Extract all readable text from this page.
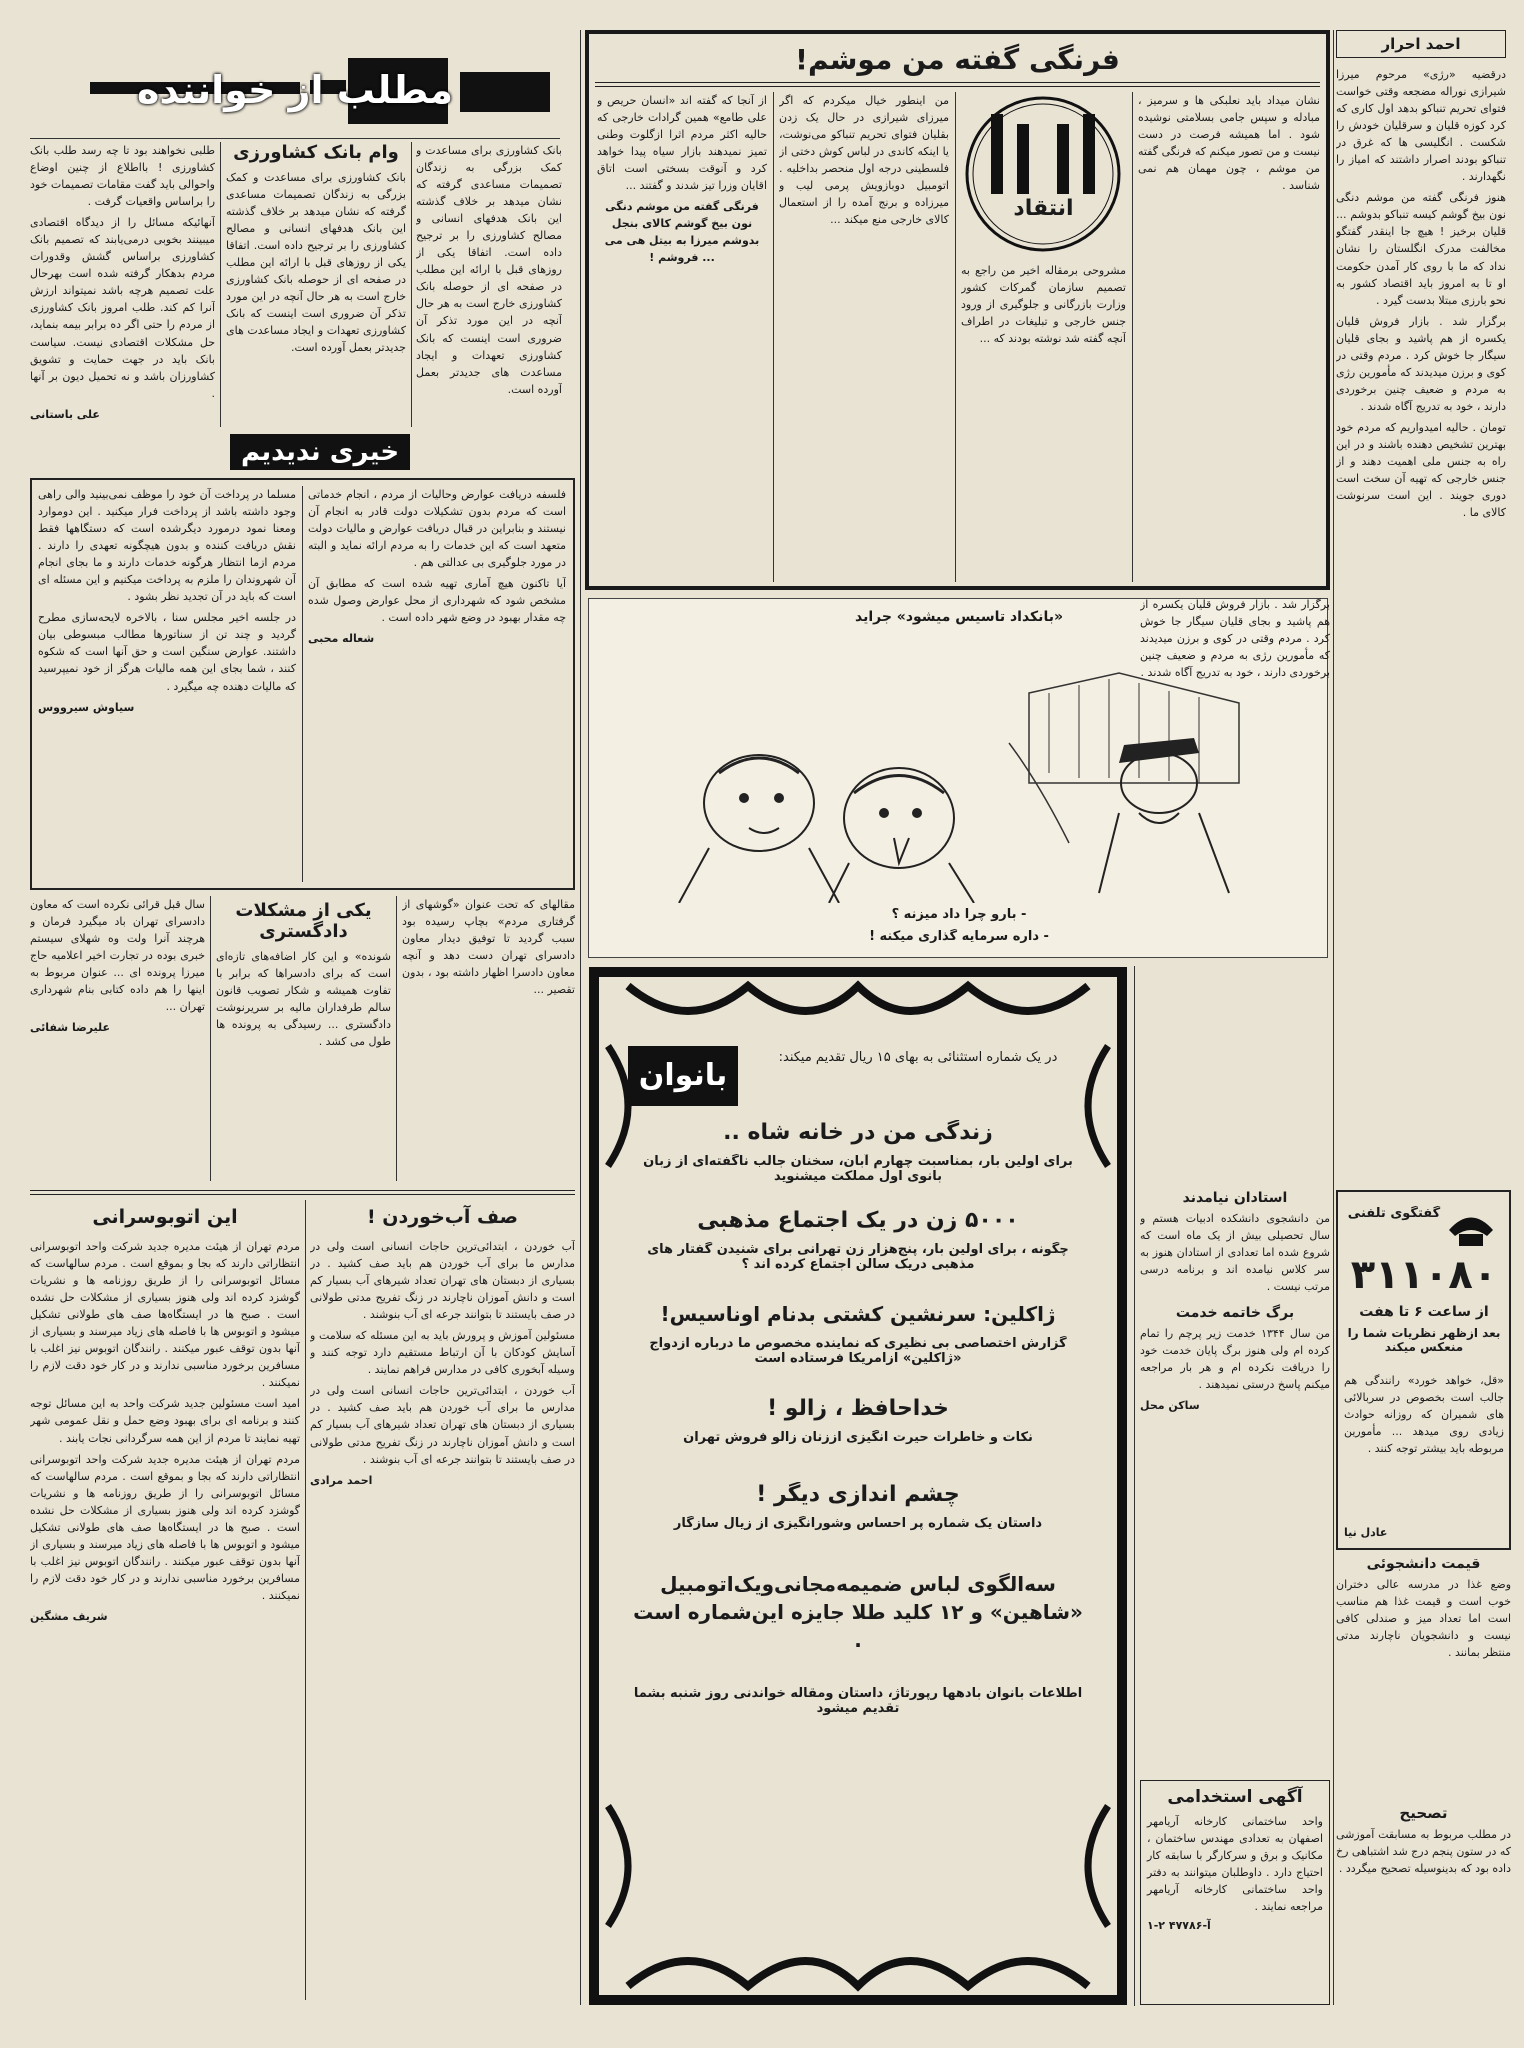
مطلب از خواننده

طلبی نخواهند بود تا چه رسد طلب بانک کشاورزی ! بااطلاع از چنین اوضاع واحوالی باید گفت مقامات تصمیمات خود را براساس واقعیات گرفت .

آنهائیکه مسائل را از دیدگاه اقتصادی میبینند بخوبی درمی‌یابند که تصمیم بانک کشاورزی براساس گشش وقدورات مردم بدهکار گرفته شده است بهرحال علت تصمیم هرچه باشد نمیتواند ارزش آنرا کم کند. طلب امروز بانک کشاورزی از مردم را حتی اگر ده برابر بیمه بنماید، حل مشکلات اقتصادی نیست. سیاست بانک باید در جهت حمایت و تشویق کشاورزان باشد و نه تحمیل دیون بر آنها .

علی باستانی
وام بانک کشاورزی
بانک کشاورزی برای مساعدت و کمک بزرگی به زندگان تصمیمات مساعدی گرفته که نشان میدهد بر خلاف گذشته این بانک هدفهای انسانی و مصالح کشاورزی را بر ترجیح داده است. اتفاقا یکی از روزهای قبل با ارائه این مطلب در صفحه ای از حوصله بانک کشاورزی خارج است به هر حال آنچه در این مورد تذکر آن ضروری است اینست که بانک کشاورزی تعهدات و ایجاد مساعدت های جدیدتر بعمل آورده است.
بانک کشاورزی برای مساعدت و کمک بزرگی به زندگان تصمیمات مساعدی گرفته که نشان میدهد بر خلاف گذشته این بانک هدفهای انسانی و مصالح کشاورزی را بر ترجیح داده است. اتفاقا یکی از روزهای قبل با ارائه این مطلب در صفحه ای از حوصله بانک کشاورزی خارج است به هر حال آنچه در این مورد تذکر آن ضروری است اینست که بانک کشاورزی تعهدات و ایجاد مساعدت های جدیدتر بعمل آورده است.
خیری ندیدیم

مسلما در پرداخت آن خود را موظف نمی‌بینید والی راهی وجود داشته باشد از پرداخت فرار میکنید . این دوموارد ومعنا نمود درمورد دیگرشده است که دستگاهها فقط نقش دریافت کننده و بدون هیچگونه تعهدی را دارند . مردم ازما انتظار هرگونه خدمات دارند و ما بجای انجام آن شهروندان را ملزم به پرداخت میکنیم و این مسئله ای است که باید در آن تجدید نظر بشود .

در جلسه اخیر مجلس سنا ، بالاخره لایحه‌سازی مطرح گردید و چند تن از سناتورها مطالب مبسوطی بیان داشتند. عوارض سنگین است و حق آنها است که شکوه کنند ، شما بجای این همه مالیات هرگز از خود نمیپرسید که مالیات دهنده چه میگیرد .

سیاوش سیرووس

فلسفه دریافت عوارض وحالیات از مردم ، انجام خدماتی است که مردم بدون تشکیلات دولت قادر به انجام آن نیستند و بنابراین در قبال دریافت عوارض و مالیات دولت متعهد است که این خدمات را به مردم ارائه نماید و البته در مورد جلوگیری بی عدالتی هم .

آیا تاکنون هیچ آماری تهیه شده است که مطابق آن مشخص شود که شهرداری از محل عوارض وصول شده چه مقدار بهبود در وضع شهر داده است .

شعاله محبی

سال قبل قرائی نکرده است که معاون دادسرای تهران باد میگیرد فرمان و هرچند آنرا ولت وه شهلای سیستم خبری بوده در تجارت اخیر اعلامیه حاج میرزا پرونده ای ... عنوان مربوط به اینها را هم داده کتابی بنام شهرداری تهران ...

علیرضا شفائی
یکی از مشکلات دادگستری
شونده» و این کار اضافه‌های تازه‌ای است که برای دادسراها که برابر با تفاوت همیشه و شکار تصویب قانون سالم طرفداران مالیه بر سریرنوشت دادگستری ... رسیدگی به پرونده ها طول می کشد .

مقالهای که تحت عنوان «گوشهای از گرفتاری مردم» بچاپ رسیده بود سبب گردید تا توفیق دیدار معاون دادسرای تهران دست دهد و آنچه معاون دادسرا اظهار داشته بود ، بدون تقصیر ...

این اتوبوسرانی

مردم تهران از هیئت مدیره جدید شرکت واحد اتوبوسرانی انتظاراتی دارند که بجا و بموقع است . مردم سالهاست که مسائل اتوبوسرانی را از طریق روزنامه ها و نشریات گوشزد کرده اند ولی هنوز بسیاری از مشکلات حل نشده است . صبح ها در ایستگاه‌ها صف های طولانی تشکیل میشود و اتوبوس ها با فاصله های زیاد میرسند و بسیاری از آنها بدون توقف عبور میکنند . رانندگان اتوبوس نیز اغلب با مسافرین برخورد مناسبی ندارند و در کار خود دقت لازم را نمیکنند .

امید است مسئولین جدید شرکت واحد به این مسائل توجه کنند و برنامه ای برای بهبود وضع حمل و نقل عمومی شهر تهیه نمایند تا مردم از این همه سرگردانی نجات یابند .

مردم تهران از هیئت مدیره جدید شرکت واحد اتوبوسرانی انتظاراتی دارند که بجا و بموقع است . مردم سالهاست که مسائل اتوبوسرانی را از طریق روزنامه ها و نشریات گوشزد کرده اند ولی هنوز بسیاری از مشکلات حل نشده است . صبح ها در ایستگاه‌ها صف های طولانی تشکیل میشود و اتوبوس ها با فاصله های زیاد میرسند و بسیاری از آنها بدون توقف عبور میکنند . رانندگان اتوبوس نیز اغلب با مسافرین برخورد مناسبی ندارند و در کار خود دقت لازم را نمیکنند .

شریف مشگین
صف آب‌خوردن !

آب خوردن ، ابتدائی‌ترین حاجات انسانی است ولی در مدارس ما برای آب خوردن هم باید صف کشید . در بسیاری از دبستان های تهران تعداد شیرهای آب بسیار کم است و دانش آموزان ناچارند در زنگ تفریح مدتی طولانی در صف بایستند تا بتوانند جرعه ای آب بنوشند .

مسئولین آموزش و پرورش باید به این مسئله که سلامت و آسایش کودکان با آن ارتباط مستقیم دارد توجه کنند و وسیله آبخوری کافی در مدارس فراهم نمایند .

آب خوردن ، ابتدائی‌ترین حاجات انسانی است ولی در مدارس ما برای آب خوردن هم باید صف کشید . در بسیاری از دبستان های تهران تعداد شیرهای آب بسیار کم است و دانش آموزان ناچارند در زنگ تفریح مدتی طولانی در صف بایستند تا بتوانند جرعه ای آب بنوشند .

احمد مرادی
فرنگی گفته من موشم!

از آنجا که گفته اند «انسان حریص و علی طامع» همین گرادات خارجی که حالیه اکثر مردم اثرا ازگلوت وطنی تمیز نمیدهند بازار سیاه پیدا خواهد کرد و آنوقت بسختی است اتاق اقایان وزرا تیز شدند و گفتند ...

فرنگی گفته من موشم دنگی نون بیخ گوشم کالای بنجل بدوشم میرزا به بیتل هی می ... فروشم !

من اینطور خیال میکردم که اگر میرزای شیرازی در حال یک زدن بقلیان فتوای تحریم تنباکو می‌نوشت، یا اینکه کاندی در لباس کوش دختی از فلسطینی درجه اول منحصر بداخلیه . اتومبیل دوبازویش پرمی لیب و میرزاده و برنج آمده را از استعمال کالای خارجی منع میکند ...	انتقاد

مشروحی برمقاله اخیر من راجع به تصمیم سازمان گمرکات کشور وزارت بازرگانی و جلوگیری از ورود جنس خارجی و تبلیغات در اطراف آنچه گفته شد نوشته بودند که ...

نشان میداد باید نعلبکی ها و سرمیز ، مبادله و سپس جامی بسلامتی نوشیده شود . اما همیشه فرصت در دست نیست و من تصور میکنم که فرنگی گفته من موشم ، چون مهمان هم نمی شناسد .

«بانکداد تاسیس میشود» جراید
- بارو چرا داد میزنه ؟
- داره سرمایه گذاری میکنه !
بانوان
در یک شماره استثنائی به بهای ۱۵ ریال تقدیم میکند:
زندگی من در خانه شاه ..
برای اولین بار، بمناسبت چهارم آبان، سخنان جالب ناگفته‌ای از زبان بانوی اول مملکت میشنوید
۵۰۰۰ زن در یک اجتماع مذهبی
چگونه ، برای اولین بار، پنج‌هزار زن تهرانی برای شنیدن گفتار های مذهبی دریک سالن اجتماع کرده اند ؟
ژاکلین: سرنشین کشتی بدنام اوناسیس!
گزارش اختصاصی بی نظیری که نماینده مخصوص ما درباره ازدواج «ژاکلین» ازامریکا فرستاده است
خداحافظ ، زالو !
نکات و خاطرات حیرت انگیزی اززنان زالو فروش تهران
چشم اندازی دیگر !
داستان یک شماره پر احساس وشورانگیزی از زیال سازگار
سه‌الگوی لباس ضمیمه‌مجانی‌ویک‌اتومبیل «شاهین» و ۱۲ کلید طلا جایزه این‌شماره است .
اطلاعات بانوان بادهها رپورتاژ، داستان ومقاله خواندنی روز شنبه بشما تقدیم میشود
احمد احرار

درقضیه «رژی» مرحوم میرزا شیرازی نوراله مضجعه وقتی خواست فتوای تحریم تنباکو بدهد اول کاری که کرد کوزه قلیان و سرقلیان خودش را شکست . انگلیسی ها که غرق در تنباکو بودند اصرار داشتند که امیاز را نگهدارند .

هنوز فرنگی گفته من موشم دنگی نون بیخ گوشم کیسه تنباکو بدوشم ... قلیان برخیز ! هیچ جا اینقدر گفتگو مخالفت مدرک انگلستان را نشان نداد که ما با روی کار آمدن حکومت او تا به امروز باید اقتصاد کشور به نحو بارزی مبتلا بدست گیرد .

برگزار شد . بازار فروش قلیان یکسره از هم پاشید و بجای قلیان سیگار جا خوش کرد . مردم وقتی در کوی و برزن میدیدند که مأمورین رژی به مردم و ضعیف چنین برخوردی دارند ، خود به تدریج آگاه شدند .

تومان . حالیه امیدواریم که مردم خود بهترین تشخیص دهنده باشند و در این راه به جنس ملی اهمیت دهند و از جنس خارجی که تهیه آن سخت است دوری جویند . این است سرنوشت کالای ما .

برگزار شد . بازار فروش قلیان یکسره از هم پاشید و بجای قلیان سیگار جا خوش کرد . مردم وقتی در کوی و برزن میدیدند که مأمورین رژی به مردم و ضعیف چنین برخوردی دارند ، خود به تدریج آگاه شدند .

گفتگوی تلفنی
۳۱۱۰۸۰
از ساعت ۶ تا هفت
بعد ازظهر نظریات شما را منعکس میکند
«قل، خواهد خورد» رانندگی هم جالب است بخصوص در سربالائی های شمیران که روزانه حوادث زیادی روی میدهد ... مأمورین مربوطه باید بیشتر توجه کنند .
عادل نیا
استادان نیامدند
من دانشجوی دانشکده ادبیات هستم و سال تحصیلی بیش از یک ماه است که شروع شده اما تعدادی از استادان هنوز به سر کلاس نیامده اند و برنامه درسی مرتب نیست .
برگ خاتمه خدمت
من سال ۱۳۴۴ خدمت زیر پرچم را تمام کرده ام ولی هنوز برگ پایان خدمت خود را دریافت نکرده ام و هر بار مراجعه میکنم پاسخ درستی نمیدهند .
ساکن محل
قیمت دانشجوئی
وضع غذا در مدرسه عالی دختران خوب است و قیمت غذا هم مناسب است اما تعداد میز و صندلی کافی نیست و دانشجویان ناچارند مدتی منتظر بمانند .
آگهی استخدامی
واحد ساختمانی کارخانه آریامهر اصفهان به تعدادی مهندس ساختمان ، مکانیک و برق و سرکارگر با سابقه کار احتیاج دارد . داوطلبان میتوانند به دفتر واحد ساختمانی کارخانه آریامهر مراجعه نمایند .
آ-۴۷۷۸۶ ۲-۱
تصحیح
در مطلب مربوط به مسابقت آموزشی که در ستون پنجم درج شد اشتباهی رخ داده بود که بدینوسیله تصحیح میگردد .
